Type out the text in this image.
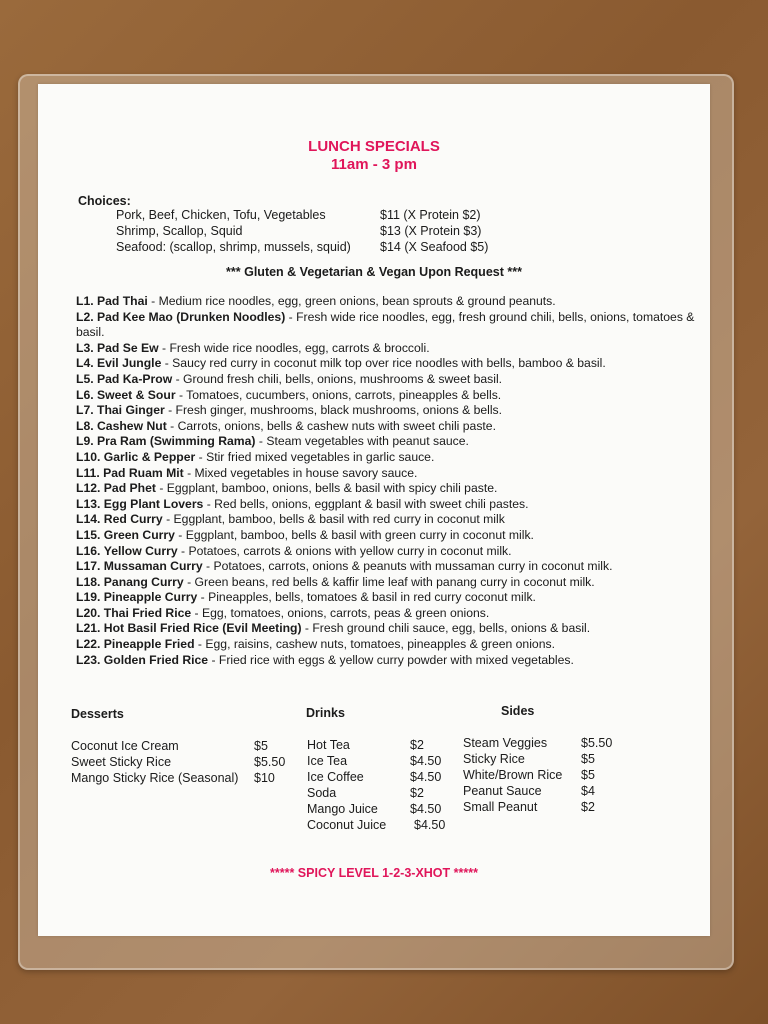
LUNCH SPECIALS
11am - 3 pm
Choices:
Pork, Beef, Chicken, Tofu, Vegetables	$11 (X Protein $2)
Shrimp, Scallop, Squid	$13 (X Protein $3)
Seafood: (scallop, shrimp, mussels, squid) $14 (X Seafood $5)
*** Gluten & Vegetarian & Vegan Upon Request ***
L1. Pad Thai - Medium rice noodles, egg, green onions, bean sprouts & ground peanuts.
L2. Pad Kee Mao (Drunken Noodles) - Fresh wide rice noodles, egg, fresh ground chili, bells, onions, tomatoes & basil.
L3. Pad Se Ew - Fresh wide rice noodles, egg, carrots & broccoli.
L4. Evil Jungle - Saucy red curry in coconut milk top over rice noodles with bells, bamboo & basil.
L5. Pad Ka-Prow - Ground fresh chili, bells, onions, mushrooms & sweet basil.
L6. Sweet & Sour - Tomatoes, cucumbers, onions, carrots, pineapples & bells.
L7. Thai Ginger - Fresh ginger, mushrooms, black mushrooms, onions & bells.
L8. Cashew Nut - Carrots, onions, bells & cashew nuts with sweet chili paste.
L9. Pra Ram (Swimming Rama) - Steam vegetables with peanut sauce.
L10. Garlic & Pepper - Stir fried mixed vegetables in garlic sauce.
L11. Pad Ruam Mit - Mixed vegetables in house savory sauce.
L12. Pad Phet - Eggplant, bamboo, onions, bells & basil with spicy chili paste.
L13. Egg Plant Lovers - Red bells, onions, eggplant & basil with sweet chili pastes.
L14. Red Curry - Eggplant, bamboo, bells & basil with red curry in coconut milk
L15. Green Curry - Eggplant, bamboo, bells & basil with green curry in coconut milk.
L16. Yellow Curry - Potatoes, carrots & onions with yellow curry in coconut milk.
L17. Mussaman Curry - Potatoes, carrots, onions & peanuts with mussaman curry in coconut milk.
L18. Panang Curry - Green beans, red bells & kaffir lime leaf with panang curry in coconut milk.
L19. Pineapple Curry - Pineapples, bells, tomatoes & basil in red curry coconut milk.
L20. Thai Fried Rice - Egg, tomatoes, onions, carrots, peas & green onions.
L21. Hot Basil Fried Rice (Evil Meeting) - Fresh ground chili sauce, egg, bells, onions & basil.
L22. Pineapple Fried - Egg, raisins, cashew nuts, tomatoes, pineapples & green onions.
L23. Golden Fried Rice - Fried rice with eggs & yellow curry powder with mixed vegetables.
Desserts
Coconut Ice Cream	$5
Sweet Sticky Rice	$5.50
Mango Sticky Rice (Seasonal) $10
Drinks
Hot Tea	$2
Ice Tea	$4.50
Ice Coffee	$4.50
Soda	$2
Mango Juice	$4.50
Coconut Juice $4.50
Sides
Steam Veggies	$5.50
Sticky Rice	$5
White/Brown Rice $5
Peanut Sauce	$4
Small Peanut	$2
***** SPICY LEVEL 1-2-3-XHOT *****
